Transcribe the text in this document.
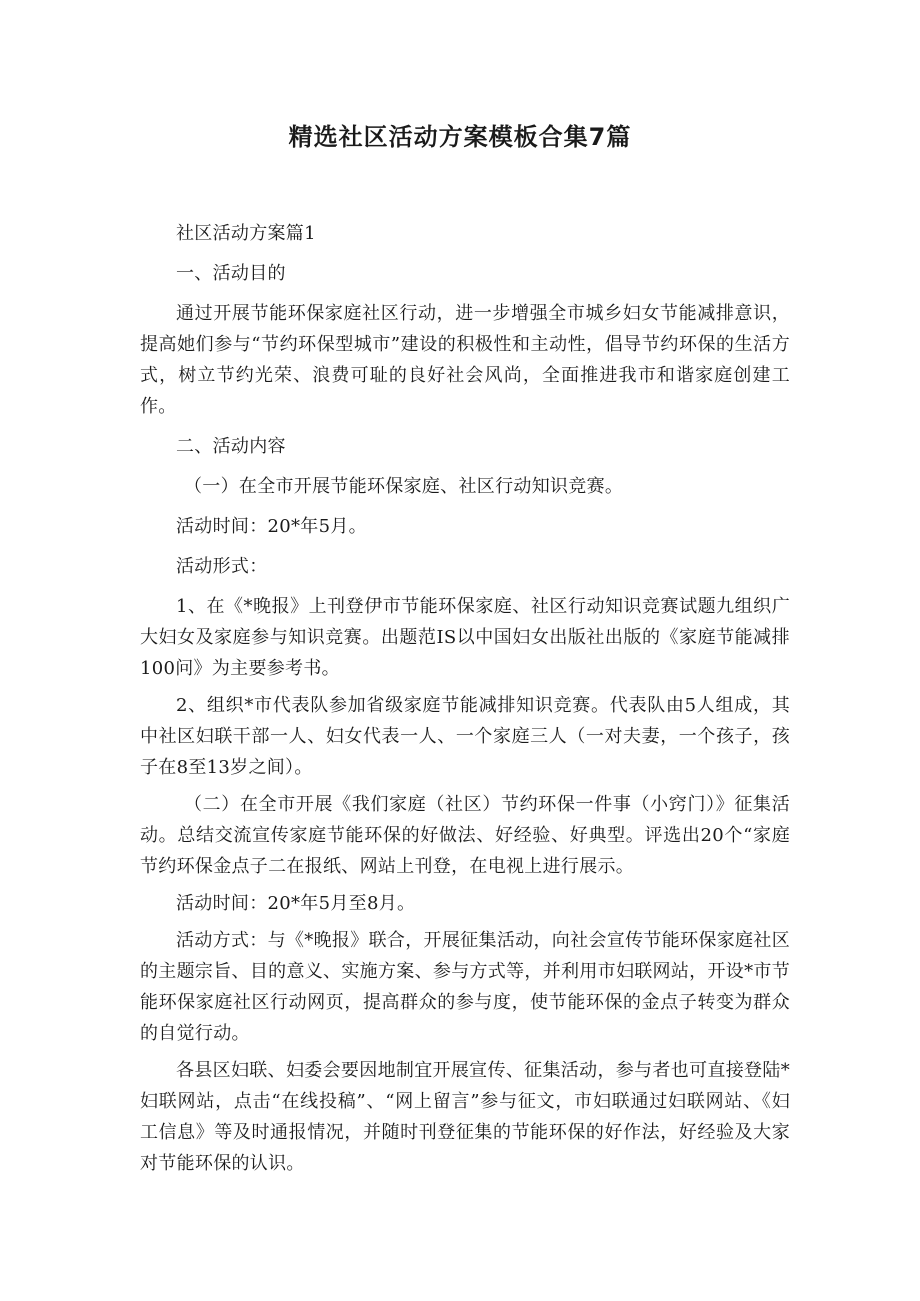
精选社区活动方案模板合集7篇

社区活动方案篇1

一、活动目的

通过开展节能环保家庭社区行动，进一步增强全市城乡妇女节能减排意识，提高她们参与“节约环保型城市”建设的积极性和主动性，倡导节约环保的生活方式，树立节约光荣、浪费可耻的良好社会风尚，全面推进我市和谐家庭创建工作。

二、活动内容

（一）在全市开展节能环保家庭、社区行动知识竞赛。

活动时间：20*年5月。

活动形式：

1、在《*晚报》上刊登伊市节能环保家庭、社区行动知识竞赛试题九组织广大妇女及家庭参与知识竞赛。出题范IS以中国妇女出版社出版的《家庭节能减排100问》为主要参考书。

2、组织*市代表队参加省级家庭节能减排知识竞赛。代表队由5人组成，其中社区妇联干部一人、妇女代表一人、一个家庭三人（一对夫妻，一个孩子，孩子在8至13岁之间）。

（二）在全市开展《我们家庭（社区）节约环保一件事（小窍门）》征集活动。总结交流宣传家庭节能环保的好做法、好经验、好典型。评选出20个“家庭节约环保金点子二在报纸、网站上刊登，在电视上进行展示。

活动时间：20*年5月至8月。

活动方式：与《*晚报》联合，开展征集活动，向社会宣传节能环保家庭社区的主题宗旨、目的意义、实施方案、参与方式等，并利用市妇联网站，开设*市节能环保家庭社区行动网页，提高群众的参与度，使节能环保的金点子转变为群众的自觉行动。

各县区妇联、妇委会要因地制宜开展宣传、征集活动，参与者也可直接登陆*妇联网站，点击“在线投稿”、“网上留言”参与征文，市妇联通过妇联网站、《妇工信息》等及时通报情况，并随时刊登征集的节能环保的好作法，好经验及大家对节能环保的认识。
